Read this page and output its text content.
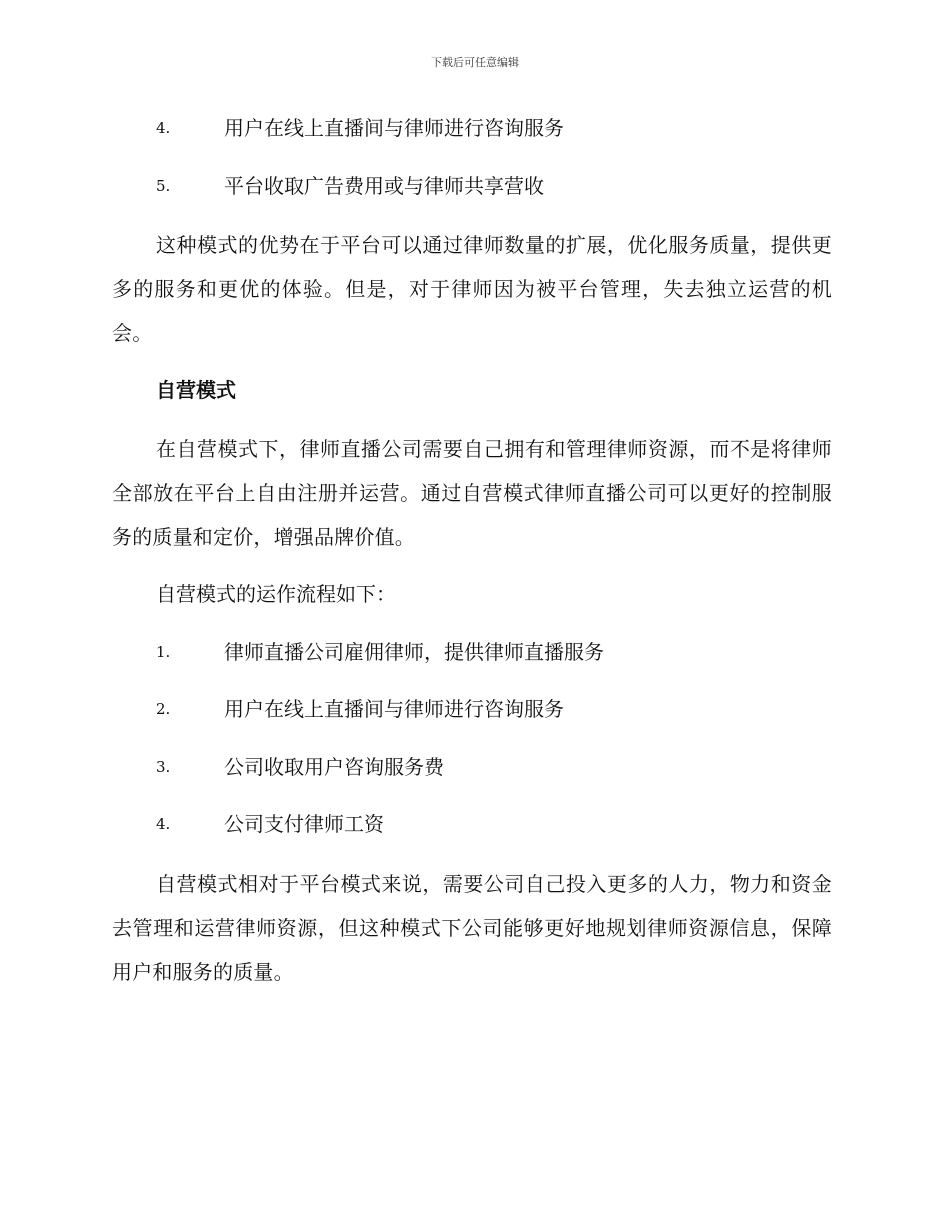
下载后可任意编辑
4.	用户在线上直播间与律师进行咨询服务
5.	平台收取广告费用或与律师共享营收

这种模式的优势在于平台可以通过律师数量的扩展，优化服务质量，提供更多的服务和更优的体验。但是，对于律师因为被平台管理，失去独立运营的机会。

自营模式

在自营模式下，律师直播公司需要自己拥有和管理律师资源，而不是将律师全部放在平台上自由注册并运营。通过自营模式律师直播公司可以更好的控制服务的质量和定价，增强品牌价值。

自营模式的运作流程如下：

1.	律师直播公司雇佣律师，提供律师直播服务
2.	用户在线上直播间与律师进行咨询服务
3.	公司收取用户咨询服务费
4.	公司支付律师工资

自营模式相对于平台模式来说，需要公司自己投入更多的人力，物力和资金去管理和运营律师资源，但这种模式下公司能够更好地规划律师资源信息，保障用户和服务的质量。
